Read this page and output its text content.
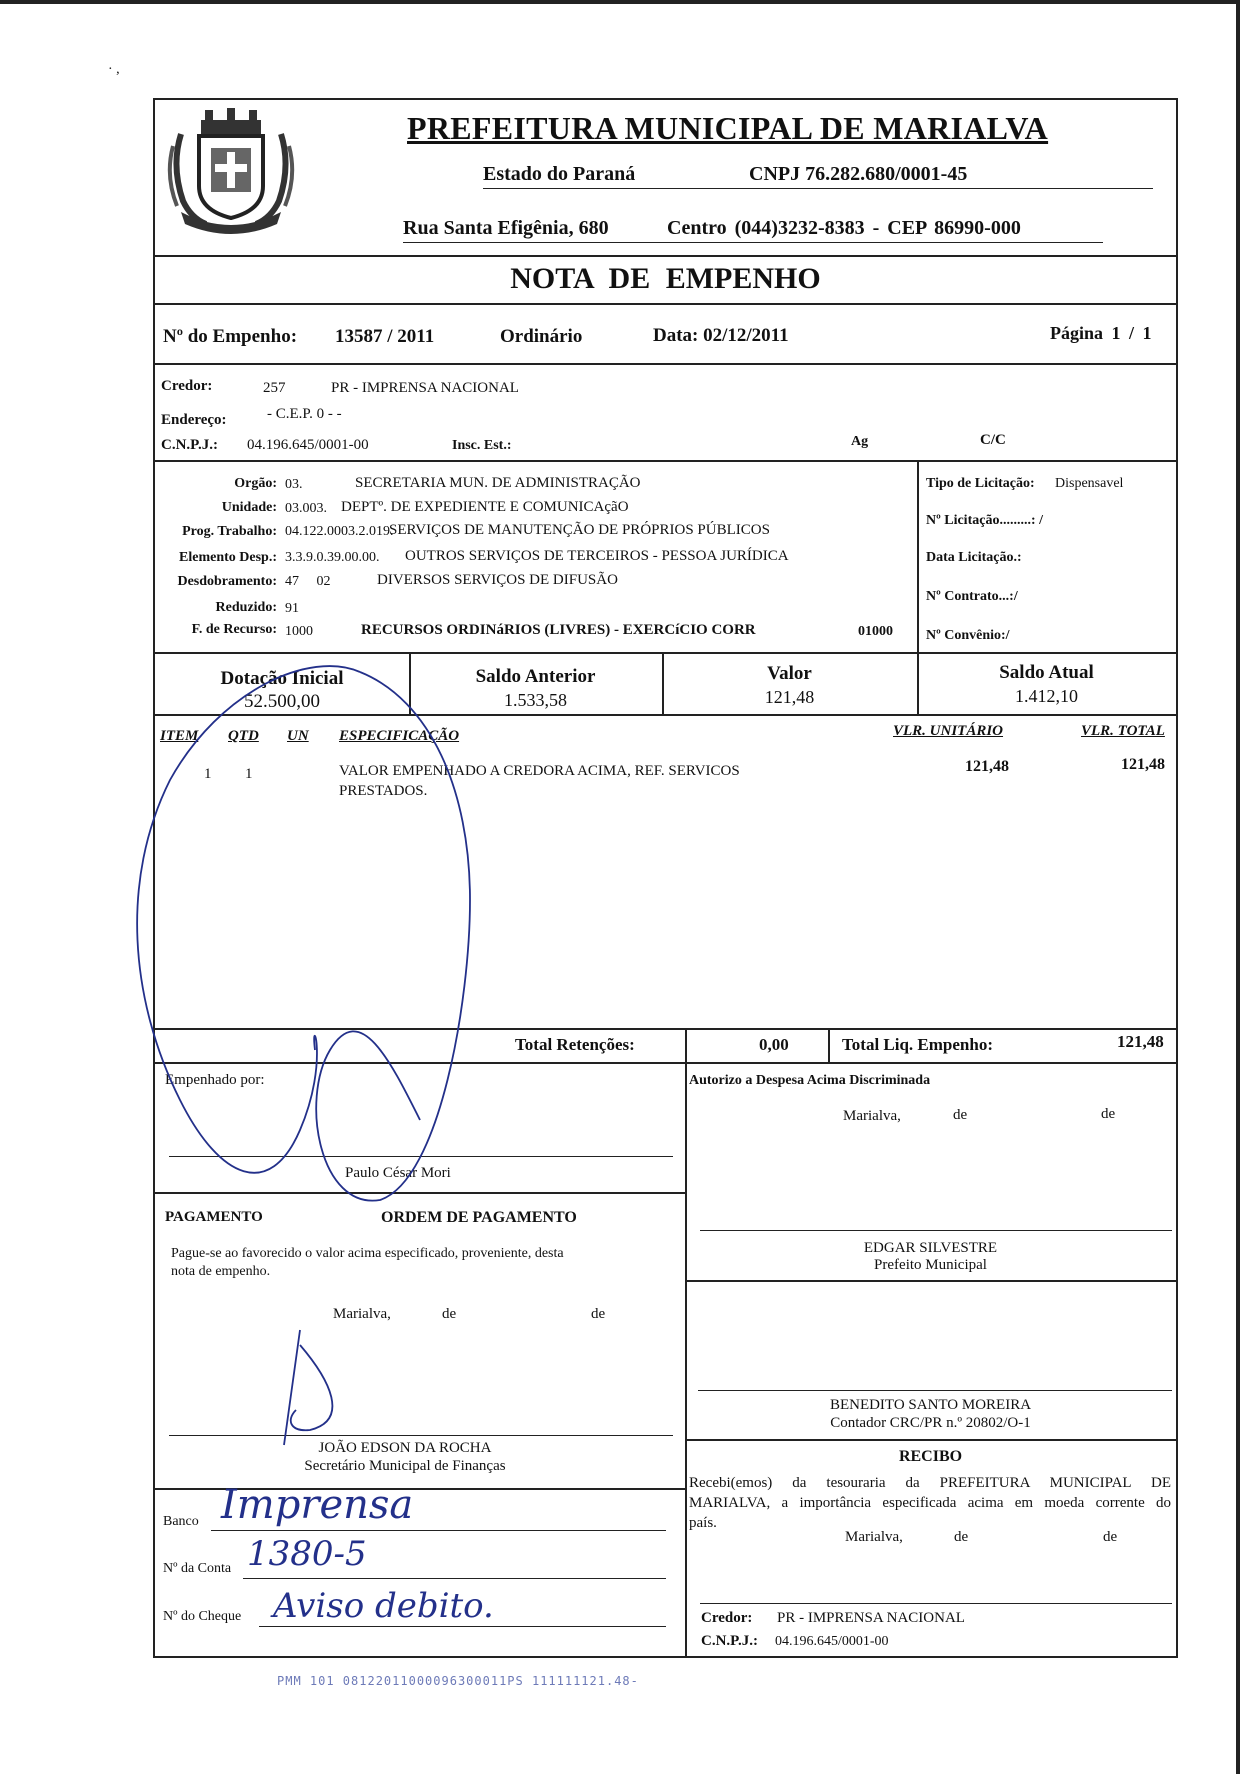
· ,
PREFEITURA MUNICIPAL DE MARIALVA
Estado do Paraná	CNPJ 76.282.680/0001-45
Rua Santa Efigênia, 680	Centro (044)3232-8383 - CEP 86990-000
NOTA DE EMPENHO
Nº do Empenho: 13587 / 2011	Ordinário	Data: 02/12/2011	Página 1 / 1
Credor:	257	PR - IMPRENSA NACIONAL
Endereço:	- C.E.P. 0 - -
C.N.P.J.: 04.196.645/0001-00	Insc. Est.:	Ag	C/C
Tipo de Licitação: Dispensavel
Nº Licitação.........: /
Data Licitação.:
Nº Contrato...:/
Nº Convênio:/
Dotação Inicial
52.500,00
Saldo Anterior
1.533,58
Valor
121,48
Saldo Atual
1.412,10
ITEM QTD UN ESPECIFICAÇÃO	VLR. UNITÁRIO	VLR. TOTAL
1 1	VALOR EMPENHADO A CREDORA ACIMA, REF. SERVICOS
PRESTADOS.
121,48	121,48
Total Retenções:	0,00	Total Liq. Empenho:	121,48
Empenhado por:
Paulo César Mori
Autorizo a Despesa Acima Discriminada
Marialva,	de	de
EDGAR SILVESTRE
Prefeito Municipal
PAGAMENTO	ORDEM DE PAGAMENTO
Pague-se ao favorecido o valor acima especificado, proveniente, desta
nota de empenho.
Marialva,	de	de
JOÃO EDSON DA ROCHA
Secretário Municipal de Finanças
BENEDITO SANTO MOREIRA
Contador CRC/PR n.º 20802/O-1
RECIBO
Recebi(emos) da tesouraria da PREFEITURA MUNICIPAL DE
MARIALVA, a importância especificada acima em moeda corrente do
país.
Marialva,	de	de
Credor: PR - IMPRENSA NACIONAL
C.N.P.J.: 04.196.645/0001-00
Banco Imprensa
Nº da Conta 1380-5
Nº do Cheque Aviso debito.
Orgão: 03.	SECRETARIA MUN. DE ADMINISTRAÇÃO
Unidade: 03.003. DEPTº. DE EXPEDIENTE E COMUNICAçãO
Prog. Trabalho: 04.122.0003.2.019.
SERVIÇOS DE MANUTENÇÃO DE PRÓPRIOS PÚBLICOS
Elemento Desp.: 3.3.9.0.39.00.00. OUTROS SERVIÇOS DE TERCEIROS - PESSOA JURÍDICA
Desdobramento: 47     02	DIVERSOS SERVIÇOS DE DIFUSÃO
Reduzido: 91
F. de Recurso: 1000	RECURSOS ORDINáRIOS (LIVRES) - EXERCíCIO CORR	01000
PMM 101 08122011000096300011PS 111111121.48-
